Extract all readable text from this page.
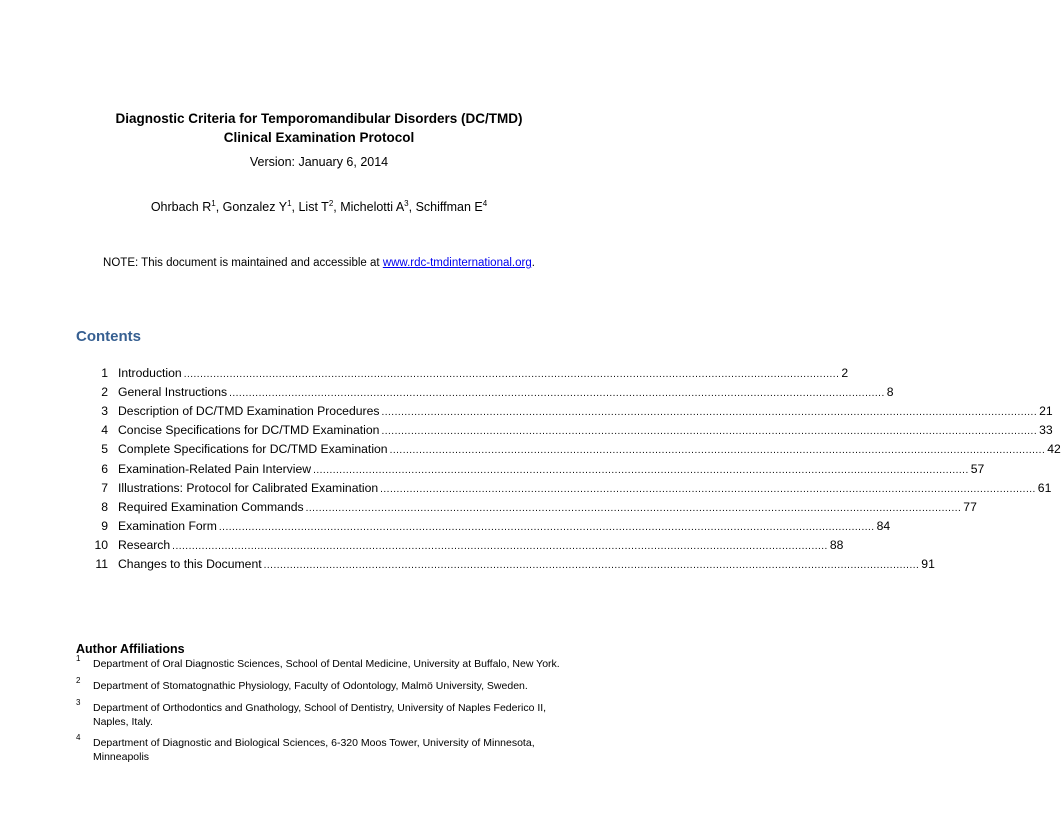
Diagnostic Criteria for Temporomandibular Disorders (DC/TMD)
Clinical Examination Protocol
Version: January 6, 2014
Ohrbach $R^1$, Gonzalez $Y^1$, List $T^2$, Michelotti $A^3$, Schiffman $E^4$
NOTE: This document is maintained and accessible at www.rdc-tmdinternational.org.
Contents
1 Introduction ........................................................................................................................................................................................................ 2
2 General Instructions ........................................................................................................................................................................................................ 8
3 Description of DC/TMD Examination Procedures ........................................................................................................................................................................................................ 21
4 Concise Specifications for DC/TMD Examination ........................................................................................................................................................................................................ 33
5 Complete Specifications for DC/TMD Examination ........................................................................................................................................................................................................ 42
6 Examination-Related Pain Interview ........................................................................................................................................................................................................ 57
7 Illustrations: Protocol for Calibrated Examination ........................................................................................................................................................................................................ 61
8 Required Examination Commands ........................................................................................................................................................................................................ 77
9 Examination Form ........................................................................................................................................................................................................ 84
10 Research ........................................................................................................................................................................................................ 88
11 Changes to this Document ........................................................................................................................................................................................................ 91
Author Affiliations
1 Department of Oral Diagnostic Sciences, School of Dental Medicine, University at Buffalo, New York.
2 Department of Stomatognathic Physiology, Faculty of Odontology, Malmö University, Sweden.
3 Department of Orthodontics and Gnathology, School of Dentistry, University of Naples Federico II, Naples, Italy.
4 Department of Diagnostic and Biological Sciences, 6-320 Moos Tower, University of Minnesota, Minneapolis
